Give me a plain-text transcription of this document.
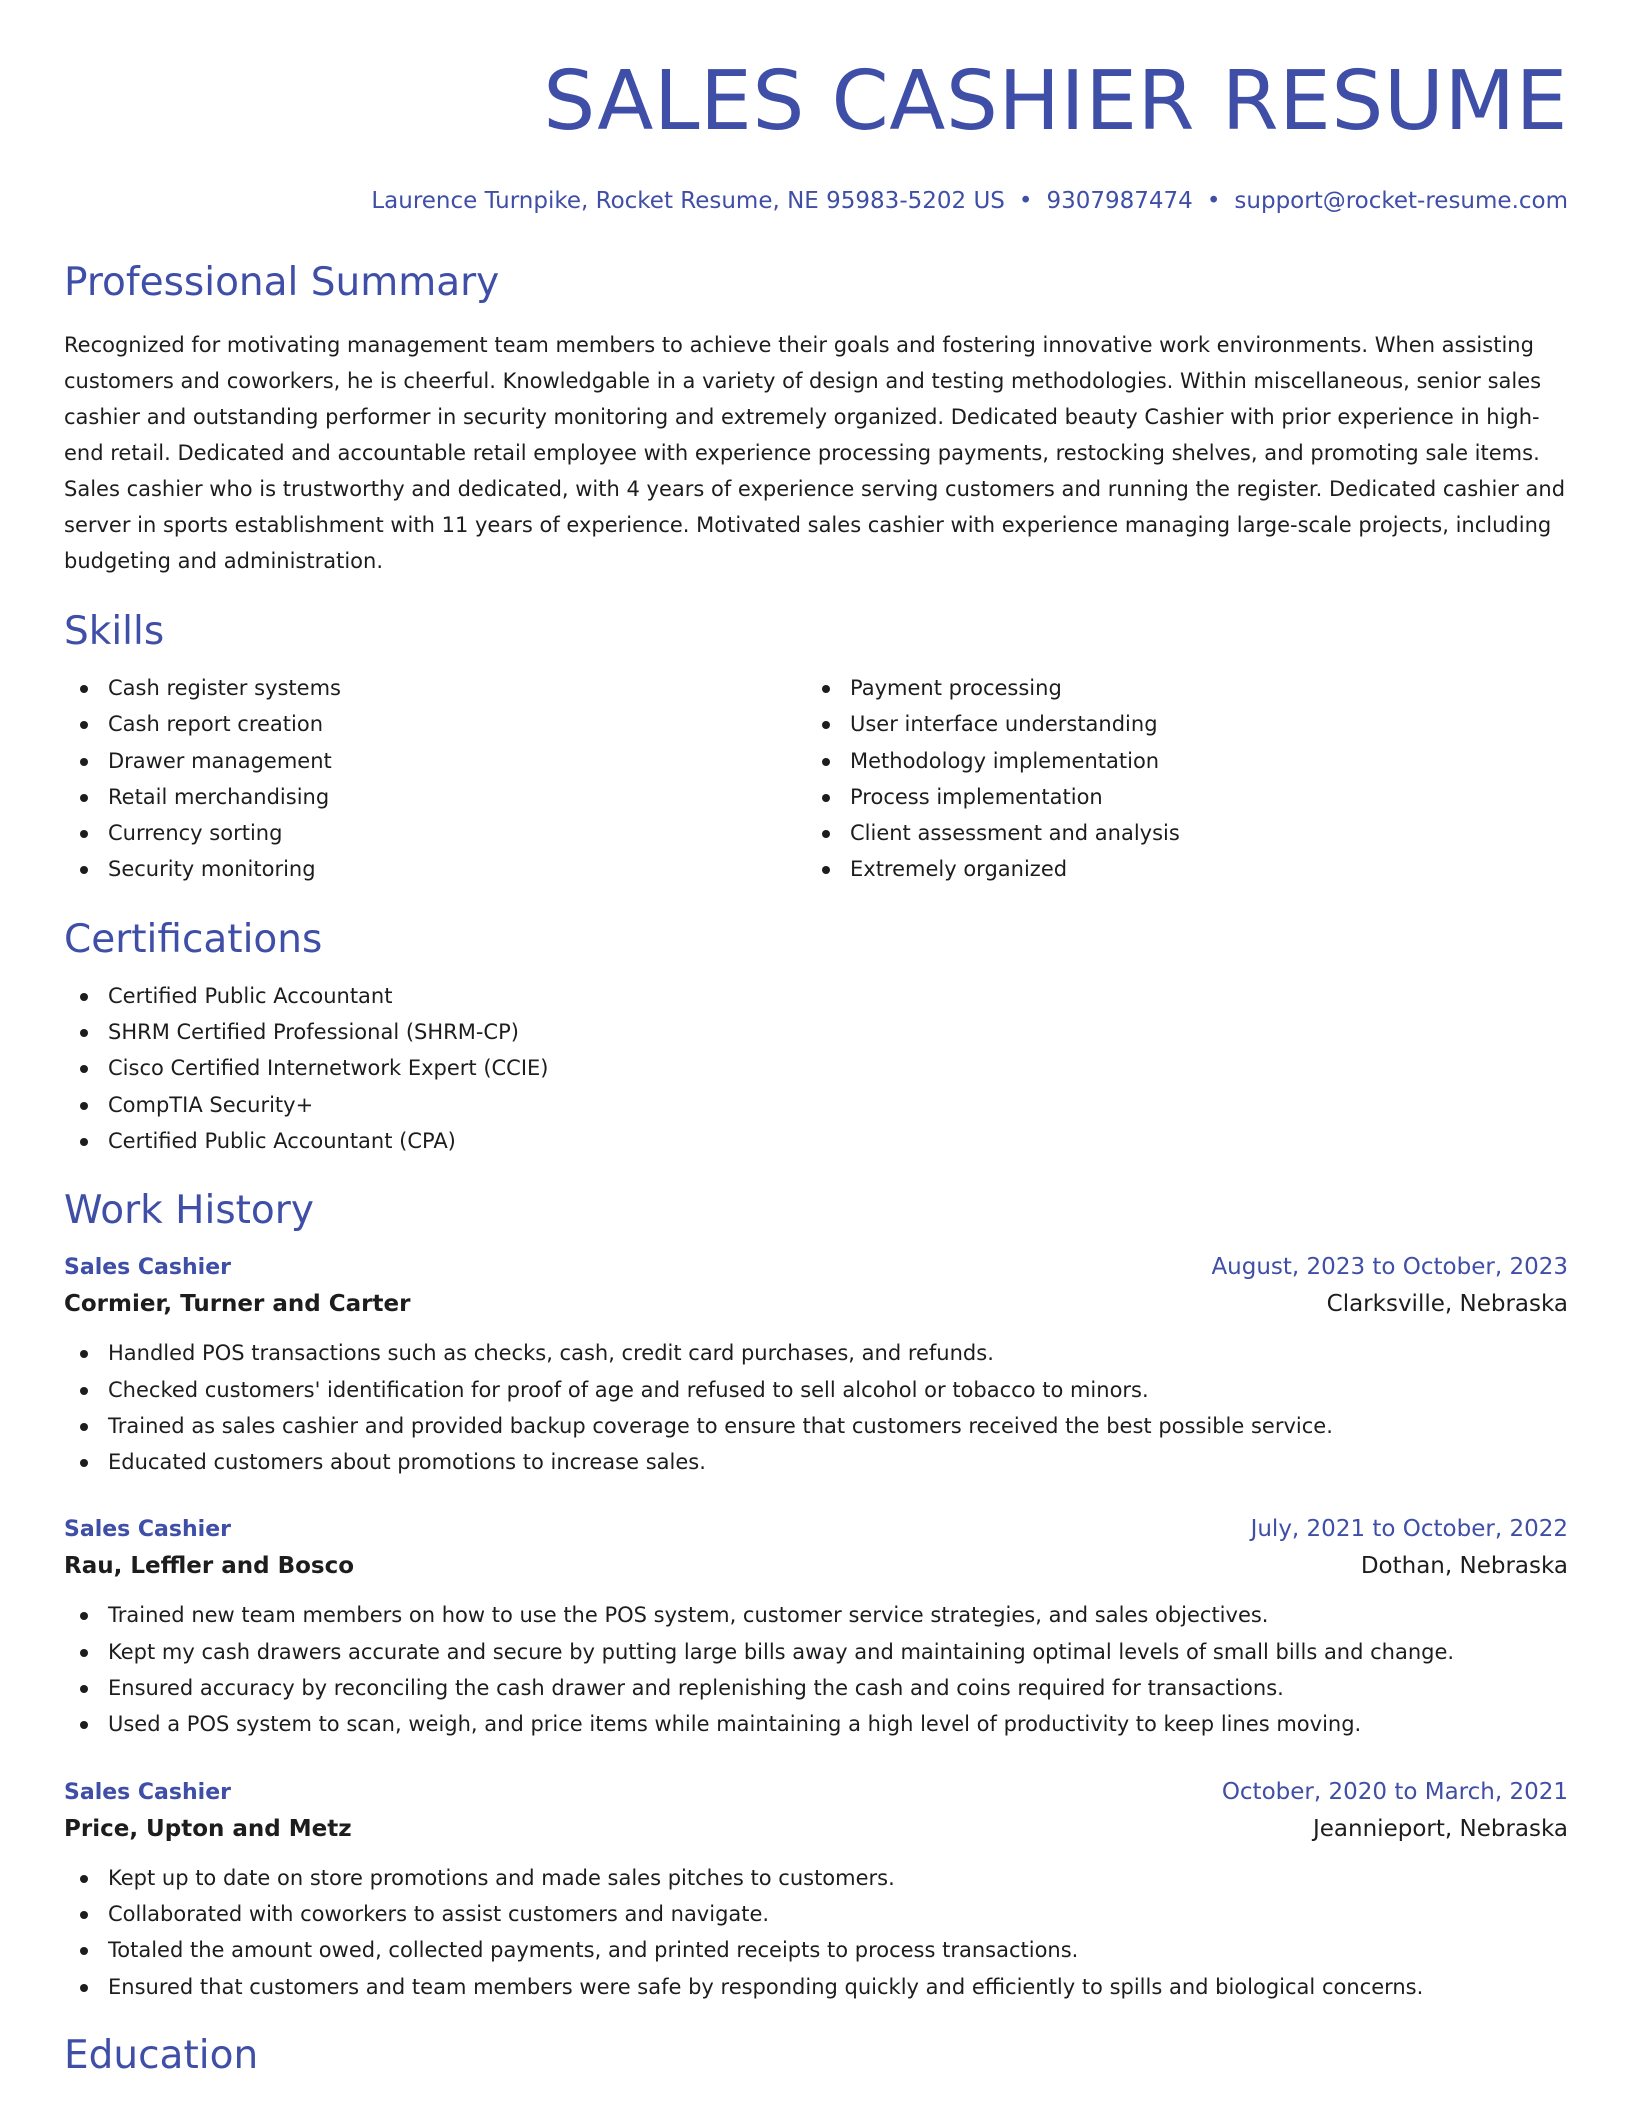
SALES CASHIER RESUME
Laurence Turnpike, Rocket Resume, NE 95983-5202 US • 9307987474 • support@rocket-resume.com
Professional Summary
Recognized for motivating management team members to achieve their goals and fostering innovative work environments. When assisting customers and coworkers, he is cheerful. Knowledgable in a variety of design and testing methodologies. Within miscellaneous, senior sales cashier and outstanding performer in security monitoring and extremely organized. Dedicated beauty Cashier with prior experience in high-end retail. Dedicated and accountable retail employee with experience processing payments, restocking shelves, and promoting sale items. Sales cashier who is trustworthy and dedicated, with 4 years of experience serving customers and running the register. Dedicated cashier and server in sports establishment with 11 years of experience. Motivated sales cashier with experience managing large-scale projects, including budgeting and administration.
Skills
Cash register systems
Cash report creation
Drawer management
Retail merchandising
Currency sorting
Security monitoring
Payment processing
User interface understanding
Methodology implementation
Process implementation
Client assessment and analysis
Extremely organized
Certifications
Certified Public Accountant
SHRM Certified Professional (SHRM-CP)
Cisco Certified Internetwork Expert (CCIE)
CompTIA Security+
Certified Public Accountant (CPA)
Work History
Sales Cashier	August, 2023 to October, 2023
Cormier, Turner and Carter	Clarksville, Nebraska
Handled POS transactions such as checks, cash, credit card purchases, and refunds.
Checked customers' identification for proof of age and refused to sell alcohol or tobacco to minors.
Trained as sales cashier and provided backup coverage to ensure that customers received the best possible service.
Educated customers about promotions to increase sales.
Sales Cashier	July, 2021 to October, 2022
Rau, Leffler and Bosco	Dothan, Nebraska
Trained new team members on how to use the POS system, customer service strategies, and sales objectives.
Kept my cash drawers accurate and secure by putting large bills away and maintaining optimal levels of small bills and change.
Ensured accuracy by reconciling the cash drawer and replenishing the cash and coins required for transactions.
Used a POS system to scan, weigh, and price items while maintaining a high level of productivity to keep lines moving.
Sales Cashier	October, 2020 to March, 2021
Price, Upton and Metz	Jeannieport, Nebraska
Kept up to date on store promotions and made sales pitches to customers.
Collaborated with coworkers to assist customers and navigate.
Totaled the amount owed, collected payments, and printed receipts to process transactions.
Ensured that customers and team members were safe by responding quickly and efficiently to spills and biological concerns.
Education
